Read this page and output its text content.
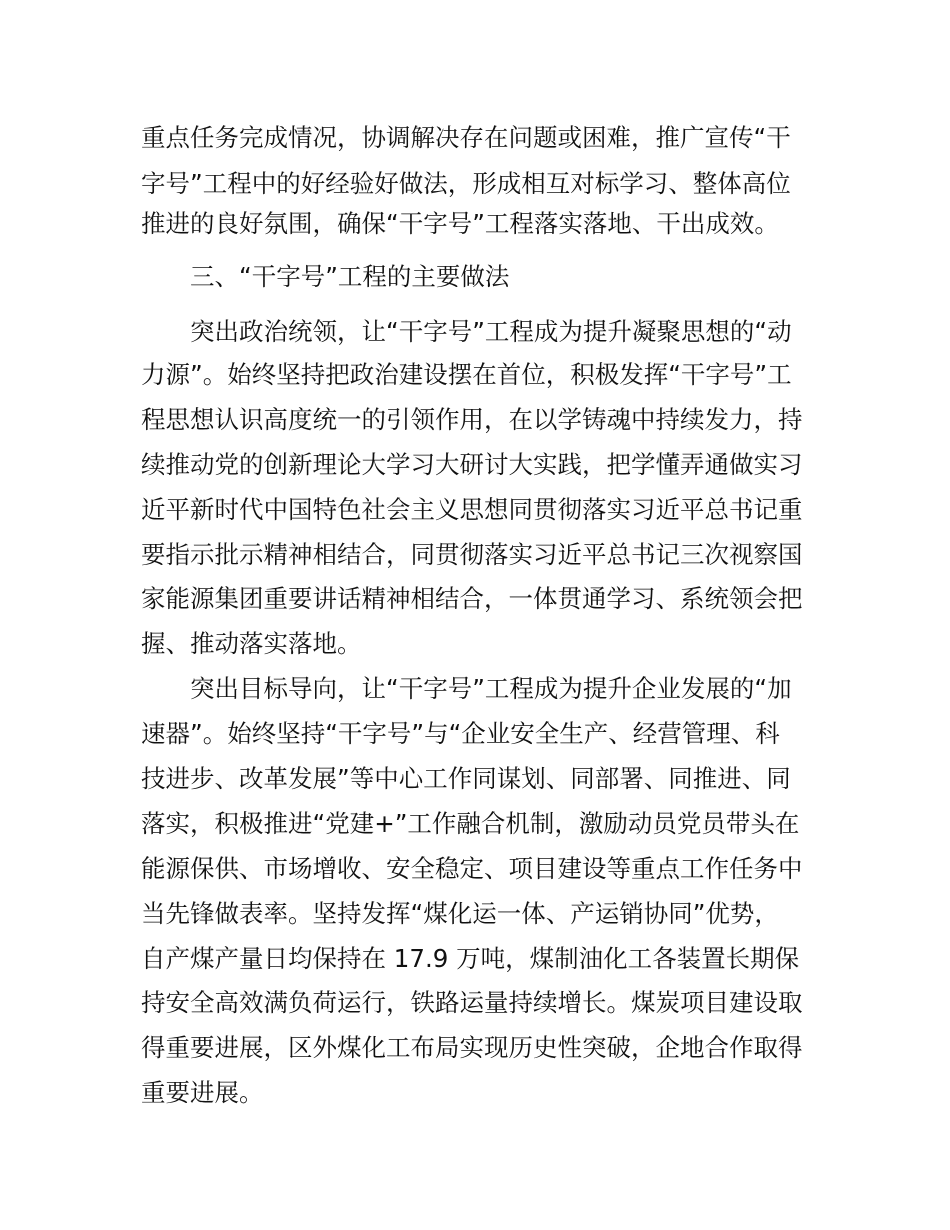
重点任务完成情况，协调解决存在问题或困难，推广宣传“干
字号”工程中的好经验好做法，形成相互对标学习、整体高位
推进的良好氛围，确保“干字号”工程落实落地、干出成效。
三、“干字号”工程的主要做法
突出政治统领，让“干字号”工程成为提升凝聚思想的“动
力源”。始终坚持把政治建设摆在首位，积极发挥“干字号”工
程思想认识高度统一的引领作用，在以学铸魂中持续发力，持
续推动党的创新理论大学习大研讨大实践，把学懂弄通做实习
近平新时代中国特色社会主义思想同贯彻落实习近平总书记重
要指示批示精神相结合，同贯彻落实习近平总书记三次视察国
家能源集团重要讲话精神相结合，一体贯通学习、系统领会把
握、推动落实落地。
突出目标导向，让“干字号”工程成为提升企业发展的“加
速器”。始终坚持“干字号”与“企业安全生产、经营管理、科
技进步、改革发展”等中心工作同谋划、同部署、同推进、同
落实，积极推进“党建+”工作融合机制，激励动员党员带头在
能源保供、市场增收、安全稳定、项目建设等重点工作任务中
当先锋做表率。坚持发挥“煤化运一体、产运销协同”优势，
自产煤产量日均保持在 17.9 万吨，煤制油化工各装置长期保
持安全高效满负荷运行，铁路运量持续增长。煤炭项目建设取
得重要进展，区外煤化工布局实现历史性突破，企地合作取得
重要进展。
